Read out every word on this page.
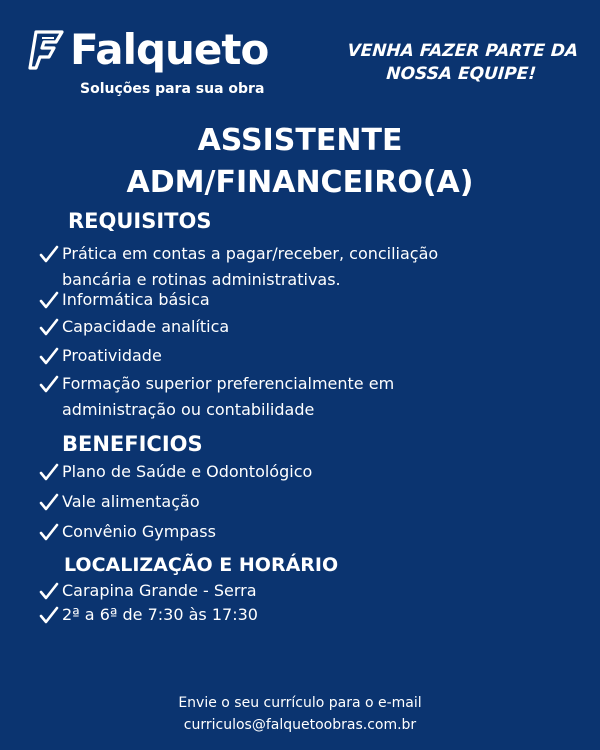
Falqueto
Soluções para sua obra
VENHA FAZER PARTE DA
NOSSA EQUIPE!
ASSISTENTE
ADM/FINANCEIRO(A)
REQUISITOS
Prática em contas a pagar/receber, conciliação
bancária e rotinas administrativas.
Informática básica
Capacidade analítica
Proatividade
Formação superior preferencialmente em
administração ou contabilidade
BENEFICIOS
Plano de Saúde e Odontológico
Vale alimentação
Convênio Gympass
LOCALIZAÇÃO E HORÁRIO
Carapina Grande - Serra
2ª a 6ª de 7:30 às 17:30
Envie o seu currículo para o e-mail
curriculos@falquetoobras.com.br
